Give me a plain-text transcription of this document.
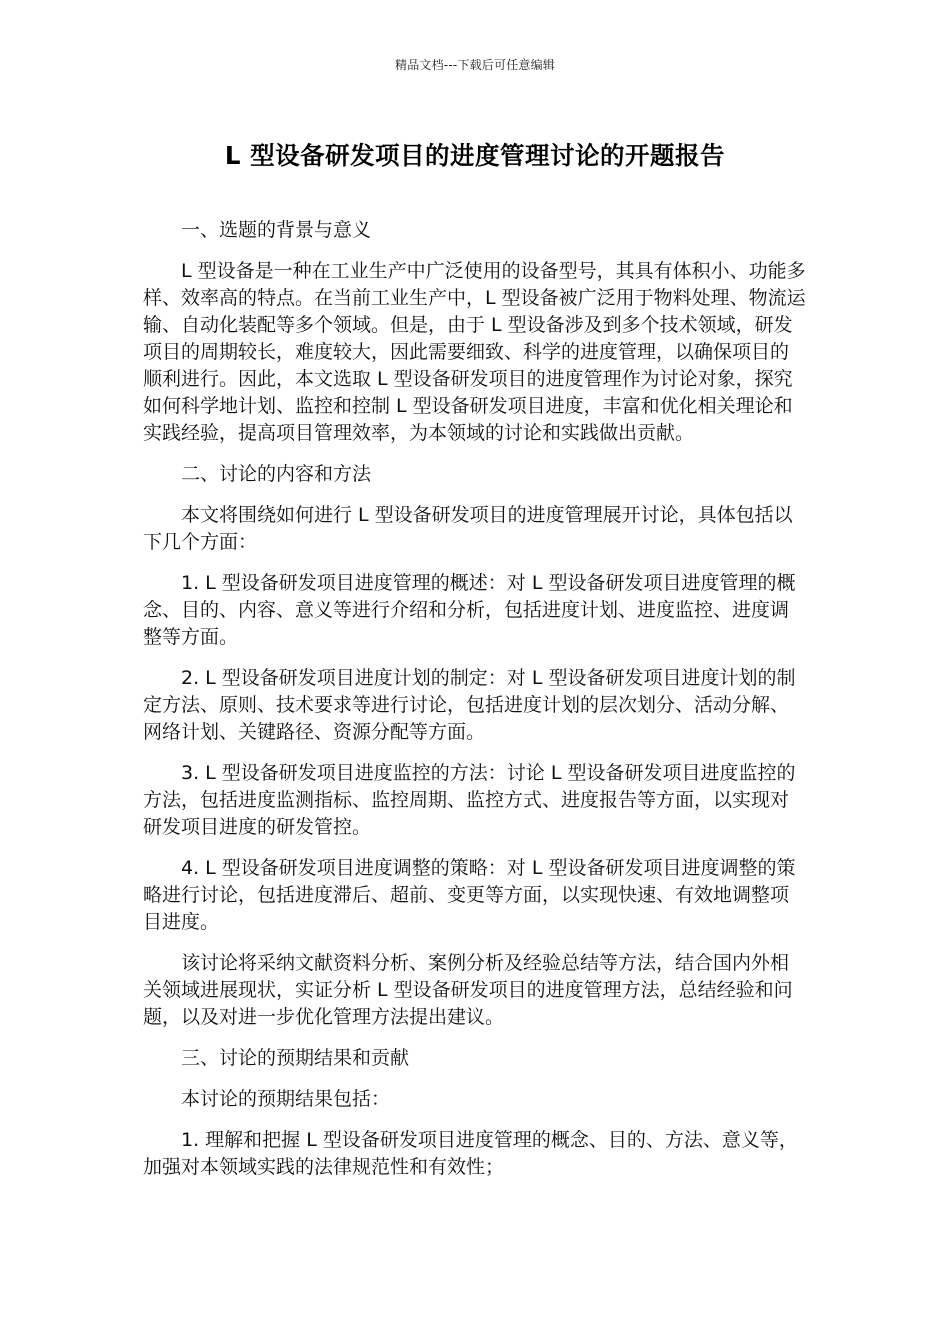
精品文档---下载后可任意编辑
L 型设备研发项目的进度管理讨论的开题报告

一、选题的背景与意义

L 型设备是一种在工业生产中广泛使用的设备型号，其具有体积小、功能多样、效率高的特点。在当前工业生产中，L 型设备被广泛用于物料处理、物流运输、自动化装配等多个领域。但是，由于 L 型设备涉及到多个技术领域，研发项目的周期较长，难度较大，因此需要细致、科学的进度管理，以确保项目的顺利进行。因此，本文选取 L 型设备研发项目的进度管理作为讨论对象，探究如何科学地计划、监控和控制 L 型设备研发项目进度，丰富和优化相关理论和实践经验，提高项目管理效率，为本领域的讨论和实践做出贡献。

二、讨论的内容和方法

本文将围绕如何进行 L 型设备研发项目的进度管理展开讨论，具体包括以下几个方面：

1. L 型设备研发项目进度管理的概述：对 L 型设备研发项目进度管理的概念、目的、内容、意义等进行介绍和分析，包括进度计划、进度监控、进度调整等方面。

2. L 型设备研发项目进度计划的制定：对 L 型设备研发项目进度计划的制定方法、原则、技术要求等进行讨论，包括进度计划的层次划分、活动分解、网络计划、关键路径、资源分配等方面。

3. L 型设备研发项目进度监控的方法：讨论 L 型设备研发项目进度监控的方法，包括进度监测指标、监控周期、监控方式、进度报告等方面，以实现对研发项目进度的研发管控。

4. L 型设备研发项目进度调整的策略：对 L 型设备研发项目进度调整的策略进行讨论，包括进度滞后、超前、变更等方面，以实现快速、有效地调整项目进度。

该讨论将采纳文献资料分析、案例分析及经验总结等方法，结合国内外相关领域进展现状，实证分析 L 型设备研发项目的进度管理方法，总结经验和问题，以及对进一步优化管理方法提出建议。

三、讨论的预期结果和贡献

本讨论的预期结果包括：

1. 理解和把握 L 型设备研发项目进度管理的概念、目的、方法、意义等，加强对本领域实践的法律规范性和有效性；
